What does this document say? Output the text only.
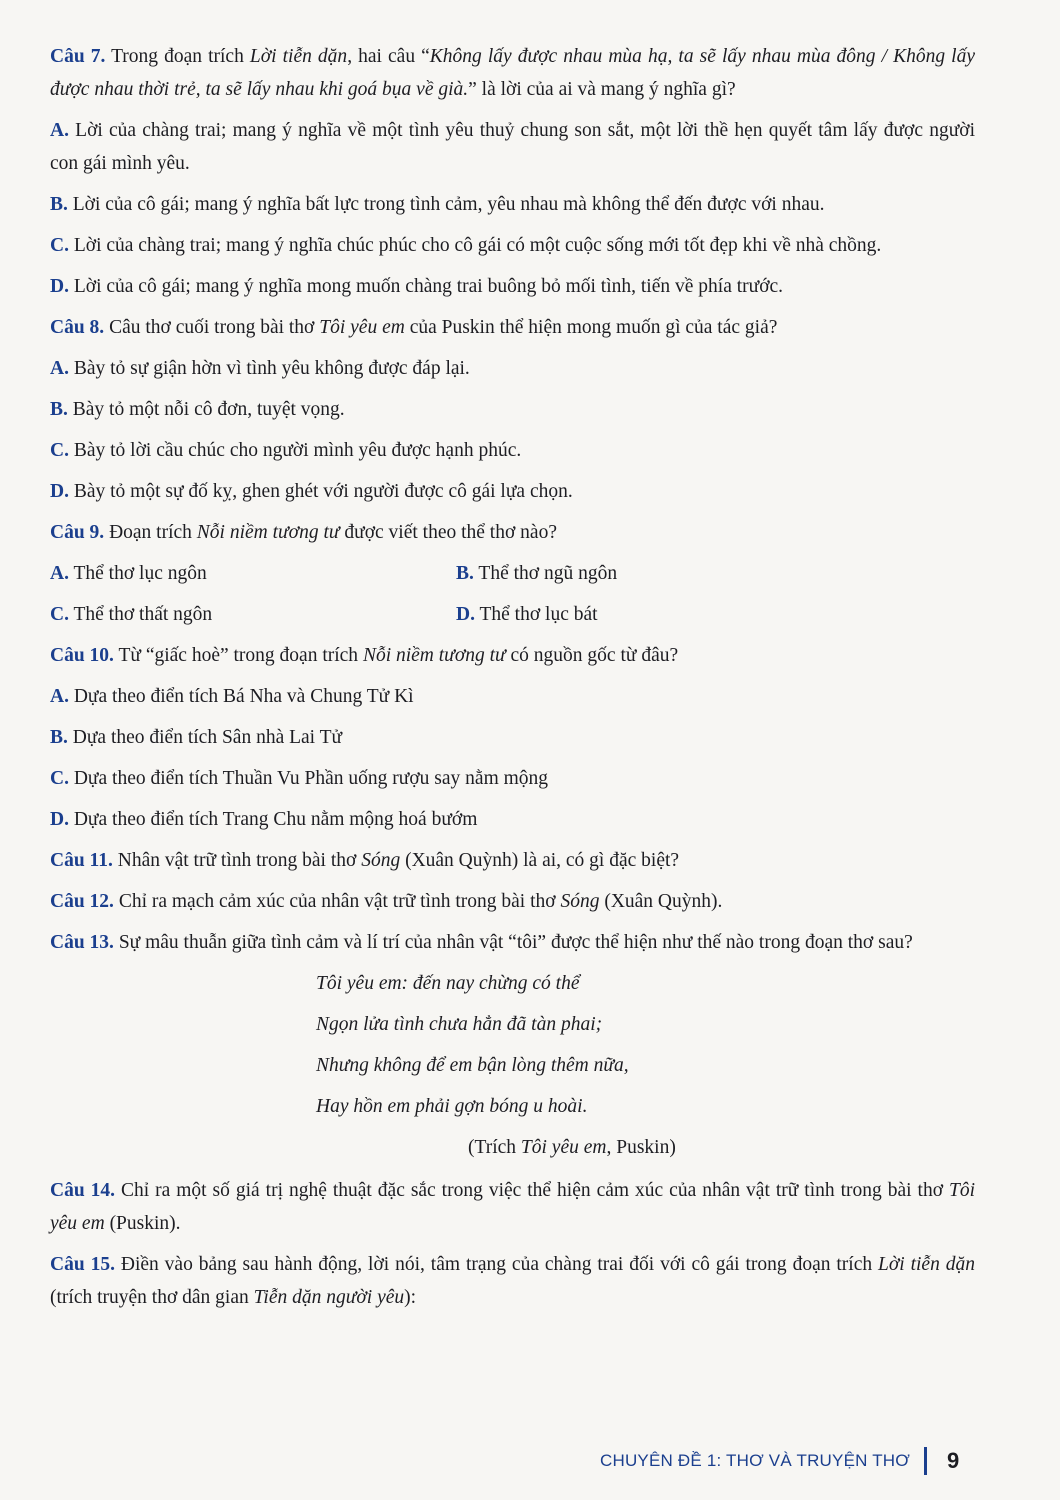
Câu 7. Trong đoạn trích Lời tiễn dặn, hai câu “Không lấy được nhau mùa hạ, ta sẽ lấy nhau mùa đông / Không lấy được nhau thời trẻ, ta sẽ lấy nhau khi goá bụa về già.” là lời của ai và mang ý nghĩa gì?

A. Lời của chàng trai; mang ý nghĩa về một tình yêu thuỷ chung son sắt, một lời thề hẹn quyết tâm lấy được người con gái mình yêu.

B. Lời của cô gái; mang ý nghĩa bất lực trong tình cảm, yêu nhau mà không thể đến được với nhau.

C. Lời của chàng trai; mang ý nghĩa chúc phúc cho cô gái có một cuộc sống mới tốt đẹp khi về nhà chồng.

D. Lời của cô gái; mang ý nghĩa mong muốn chàng trai buông bỏ mối tình, tiến về phía trước.

Câu 8. Câu thơ cuối trong bài thơ Tôi yêu em của Puskin thể hiện mong muốn gì của tác giả?

A. Bày tỏ sự giận hờn vì tình yêu không được đáp lại.

B. Bày tỏ một nỗi cô đơn, tuyệt vọng.

C. Bày tỏ lời cầu chúc cho người mình yêu được hạnh phúc.

D. Bày tỏ một sự đố kỵ, ghen ghét với người được cô gái lựa chọn.

Câu 9. Đoạn trích Nỗi niềm tương tư được viết theo thể thơ nào?

A. Thể thơ lục ngôn	B. Thể thơ ngũ ngôn

C. Thể thơ thất ngôn	D. Thể thơ lục bát

Câu 10. Từ “giấc hoè” trong đoạn trích Nỗi niềm tương tư có nguồn gốc từ đâu?

A. Dựa theo điển tích Bá Nha và Chung Tử Kì

B. Dựa theo điển tích Sân nhà Lai Tử

C. Dựa theo điển tích Thuần Vu Phần uống rượu say nằm mộng

D. Dựa theo điển tích Trang Chu nằm mộng hoá bướm

Câu 11. Nhân vật trữ tình trong bài thơ Sóng (Xuân Quỳnh) là ai, có gì đặc biệt?

Câu 12. Chỉ ra mạch cảm xúc của nhân vật trữ tình trong bài thơ Sóng (Xuân Quỳnh).

Câu 13. Sự mâu thuẫn giữa tình cảm và lí trí của nhân vật “tôi” được thể hiện như thế nào trong đoạn thơ sau?

Tôi yêu em: đến nay chừng có thể

Ngọn lửa tình chưa hẳn đã tàn phai;

Nhưng không để em bận lòng thêm nữa,

Hay hồn em phải gợn bóng u hoài.

(Trích Tôi yêu em, Puskin)

Câu 14. Chỉ ra một số giá trị nghệ thuật đặc sắc trong việc thể hiện cảm xúc của nhân vật trữ tình trong bài thơ Tôi yêu em (Puskin).

Câu 15. Điền vào bảng sau hành động, lời nói, tâm trạng của chàng trai đối với cô gái trong đoạn trích Lời tiễn dặn (trích truyện thơ dân gian Tiễn dặn người yêu):

CHUYÊN ĐỀ 1: THƠ VÀ TRUYỆN THƠ 9
